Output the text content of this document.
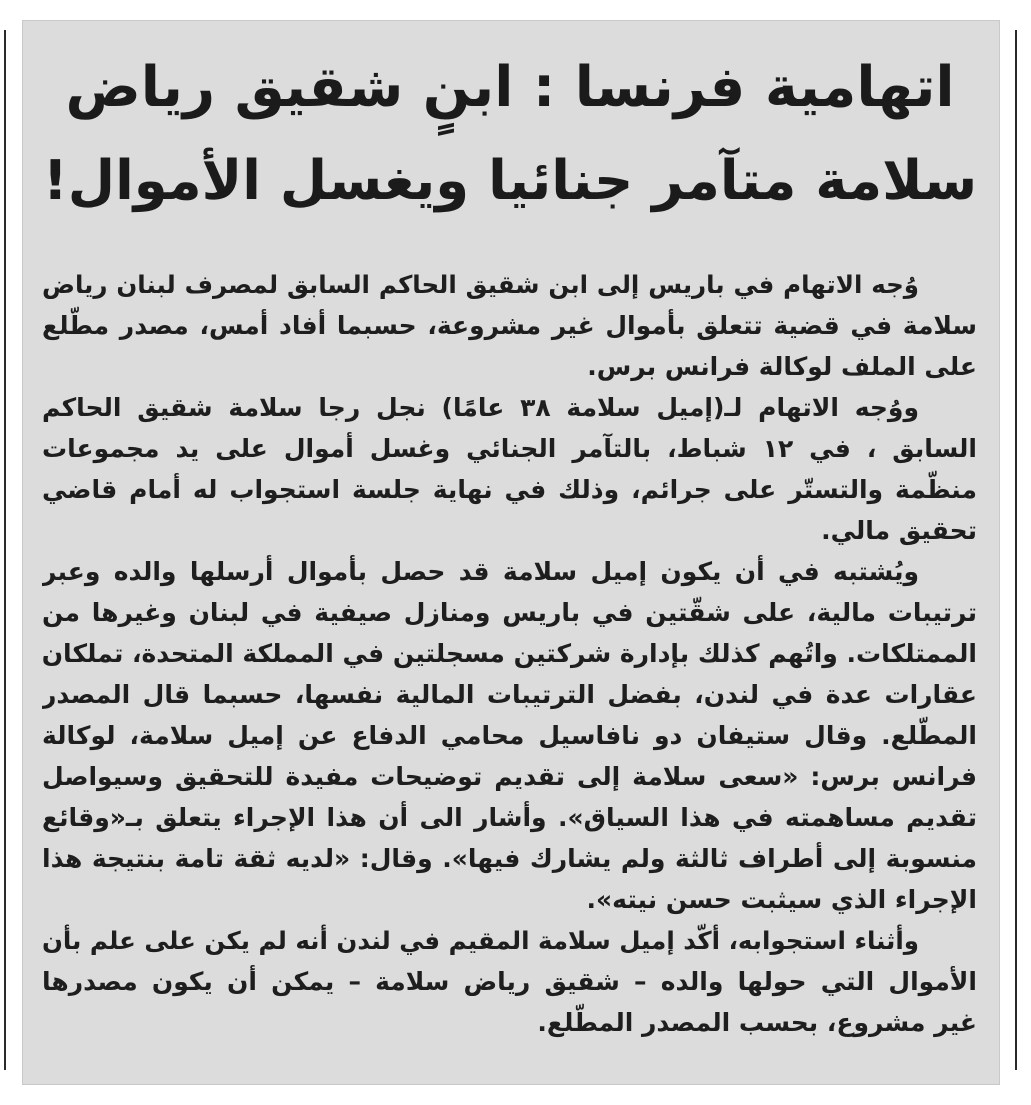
اتهامية فرنسا : ابنٍ شقيق رياض
سلامة متآمر جنائيا ويغسل الأموال!
وُجه الاتهام في باريس إلى ابن شقيق الحاكم السابق لمصرف لبنان رياض
سلامة في قضية تتعلق بأموال غير مشروعة، حسبما أفاد أمس، مصدر مطّلع
على الملف لوكالة فرانس برس.
ووُجه الاتهام لـ(إميل سلامة ٣٨ عامًا) نجل رجا سلامة شقيق الحاكم
السابق ، في ١٢ شباط، بالتآمر الجنائي وغسل أموال على يد مجموعات
منظّمة والتستّر على جرائم، وذلك في نهاية جلسة استجواب له أمام قاضي
تحقيق مالي.
ويُشتبه في أن يكون إميل سلامة قد حصل بأموال أرسلها والده وعبر
ترتيبات مالية، على شقّتين في باريس ومنازل صيفية في لبنان وغيرها من
الممتلكات. واتُهم كذلك بإدارة شركتين مسجلتين في المملكة المتحدة، تملكان
عقارات عدة في لندن، بفضل الترتيبات المالية نفسها، حسبما قال المصدر
المطّلع. وقال ستيفان دو نافاسيل محامي الدفاع عن إميل سلامة، لوكالة
فرانس برس: «سعى سلامة إلى تقديم توضيحات مفيدة للتحقيق وسيواصل
تقديم مساهمته في هذا السياق». وأشار الى أن هذا الإجراء يتعلق بـ«وقائع
منسوبة إلى أطراف ثالثة ولم يشارك فيها». وقال: «لديه ثقة تامة بنتيجة هذا
الإجراء الذي سيثبت حسن نيته».
وأثناء استجوابه، أكّد إميل سلامة المقيم في لندن أنه لم يكن على علم بأن
الأموال التي حولها والده – شقيق رياض سلامة – يمكن أن يكون مصدرها
غير مشروع، بحسب المصدر المطّلع.
